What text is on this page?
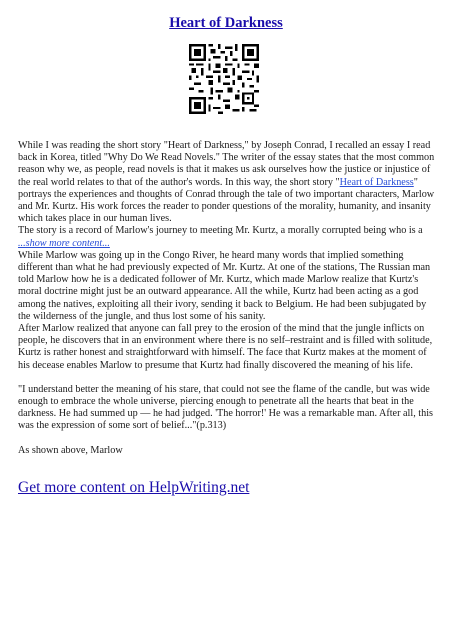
Heart of Darkness

While I was reading the short story "Heart of Darkness," by Joseph Conrad, I recalled an essay I read back in Korea, titled "Why Do We Read Novels." The writer of the essay states that the most common reason why we, as people, read novels is that it makes us ask ourselves how the justice or injustice of the real world relates to that of the author's words. In this way, the short story "Heart of Darkness" portrays the experiences and thoughts of Conrad through the tale of two important characters, Marlow and Mr. Kurtz. His work forces the reader to ponder questions of the morality, humanity, and insanity which takes place in our human lives.

The story is a record of Marlow's journey to meeting Mr. Kurtz, a morally corrupted being who is a

...show more content...

While Marlow was going up in the Congo River, he heard many words that implied something different than what he had previously expected of Mr. Kurtz. At one of the stations, The Russian man told Marlow how he is a dedicated follower of Mr. Kurtz, which made Marlow realize that Kurtz's moral doctrine might just be an outward appearance. All the while, Kurtz had been acting as a god among the natives, exploiting all their ivory, sending it back to Belgium. He had been subjugated by the wilderness of the jungle, and thus lost some of his sanity.

After Marlow realized that anyone can fall prey to the erosion of the mind that the jungle inflicts on people, he discovers that in an environment where there is no self–restraint and is filled with solitude, Kurtz is rather honest and straightforward with himself. The face that Kurtz makes at the moment of his decease enables Marlow to presume that Kurtz had finally discovered the meaning of his life.

"I understand better the meaning of his stare, that could not see the flame of the candle, but was wide enough to embrace the whole universe, piercing enough to penetrate all the hearts that beat in the darkness. He had summed up — he had judged. 'The horror!' He was a remarkable man. After all, this was the expression of some sort of belief..."(p.313)

As shown above, Marlow

Get more content on HelpWriting.net
